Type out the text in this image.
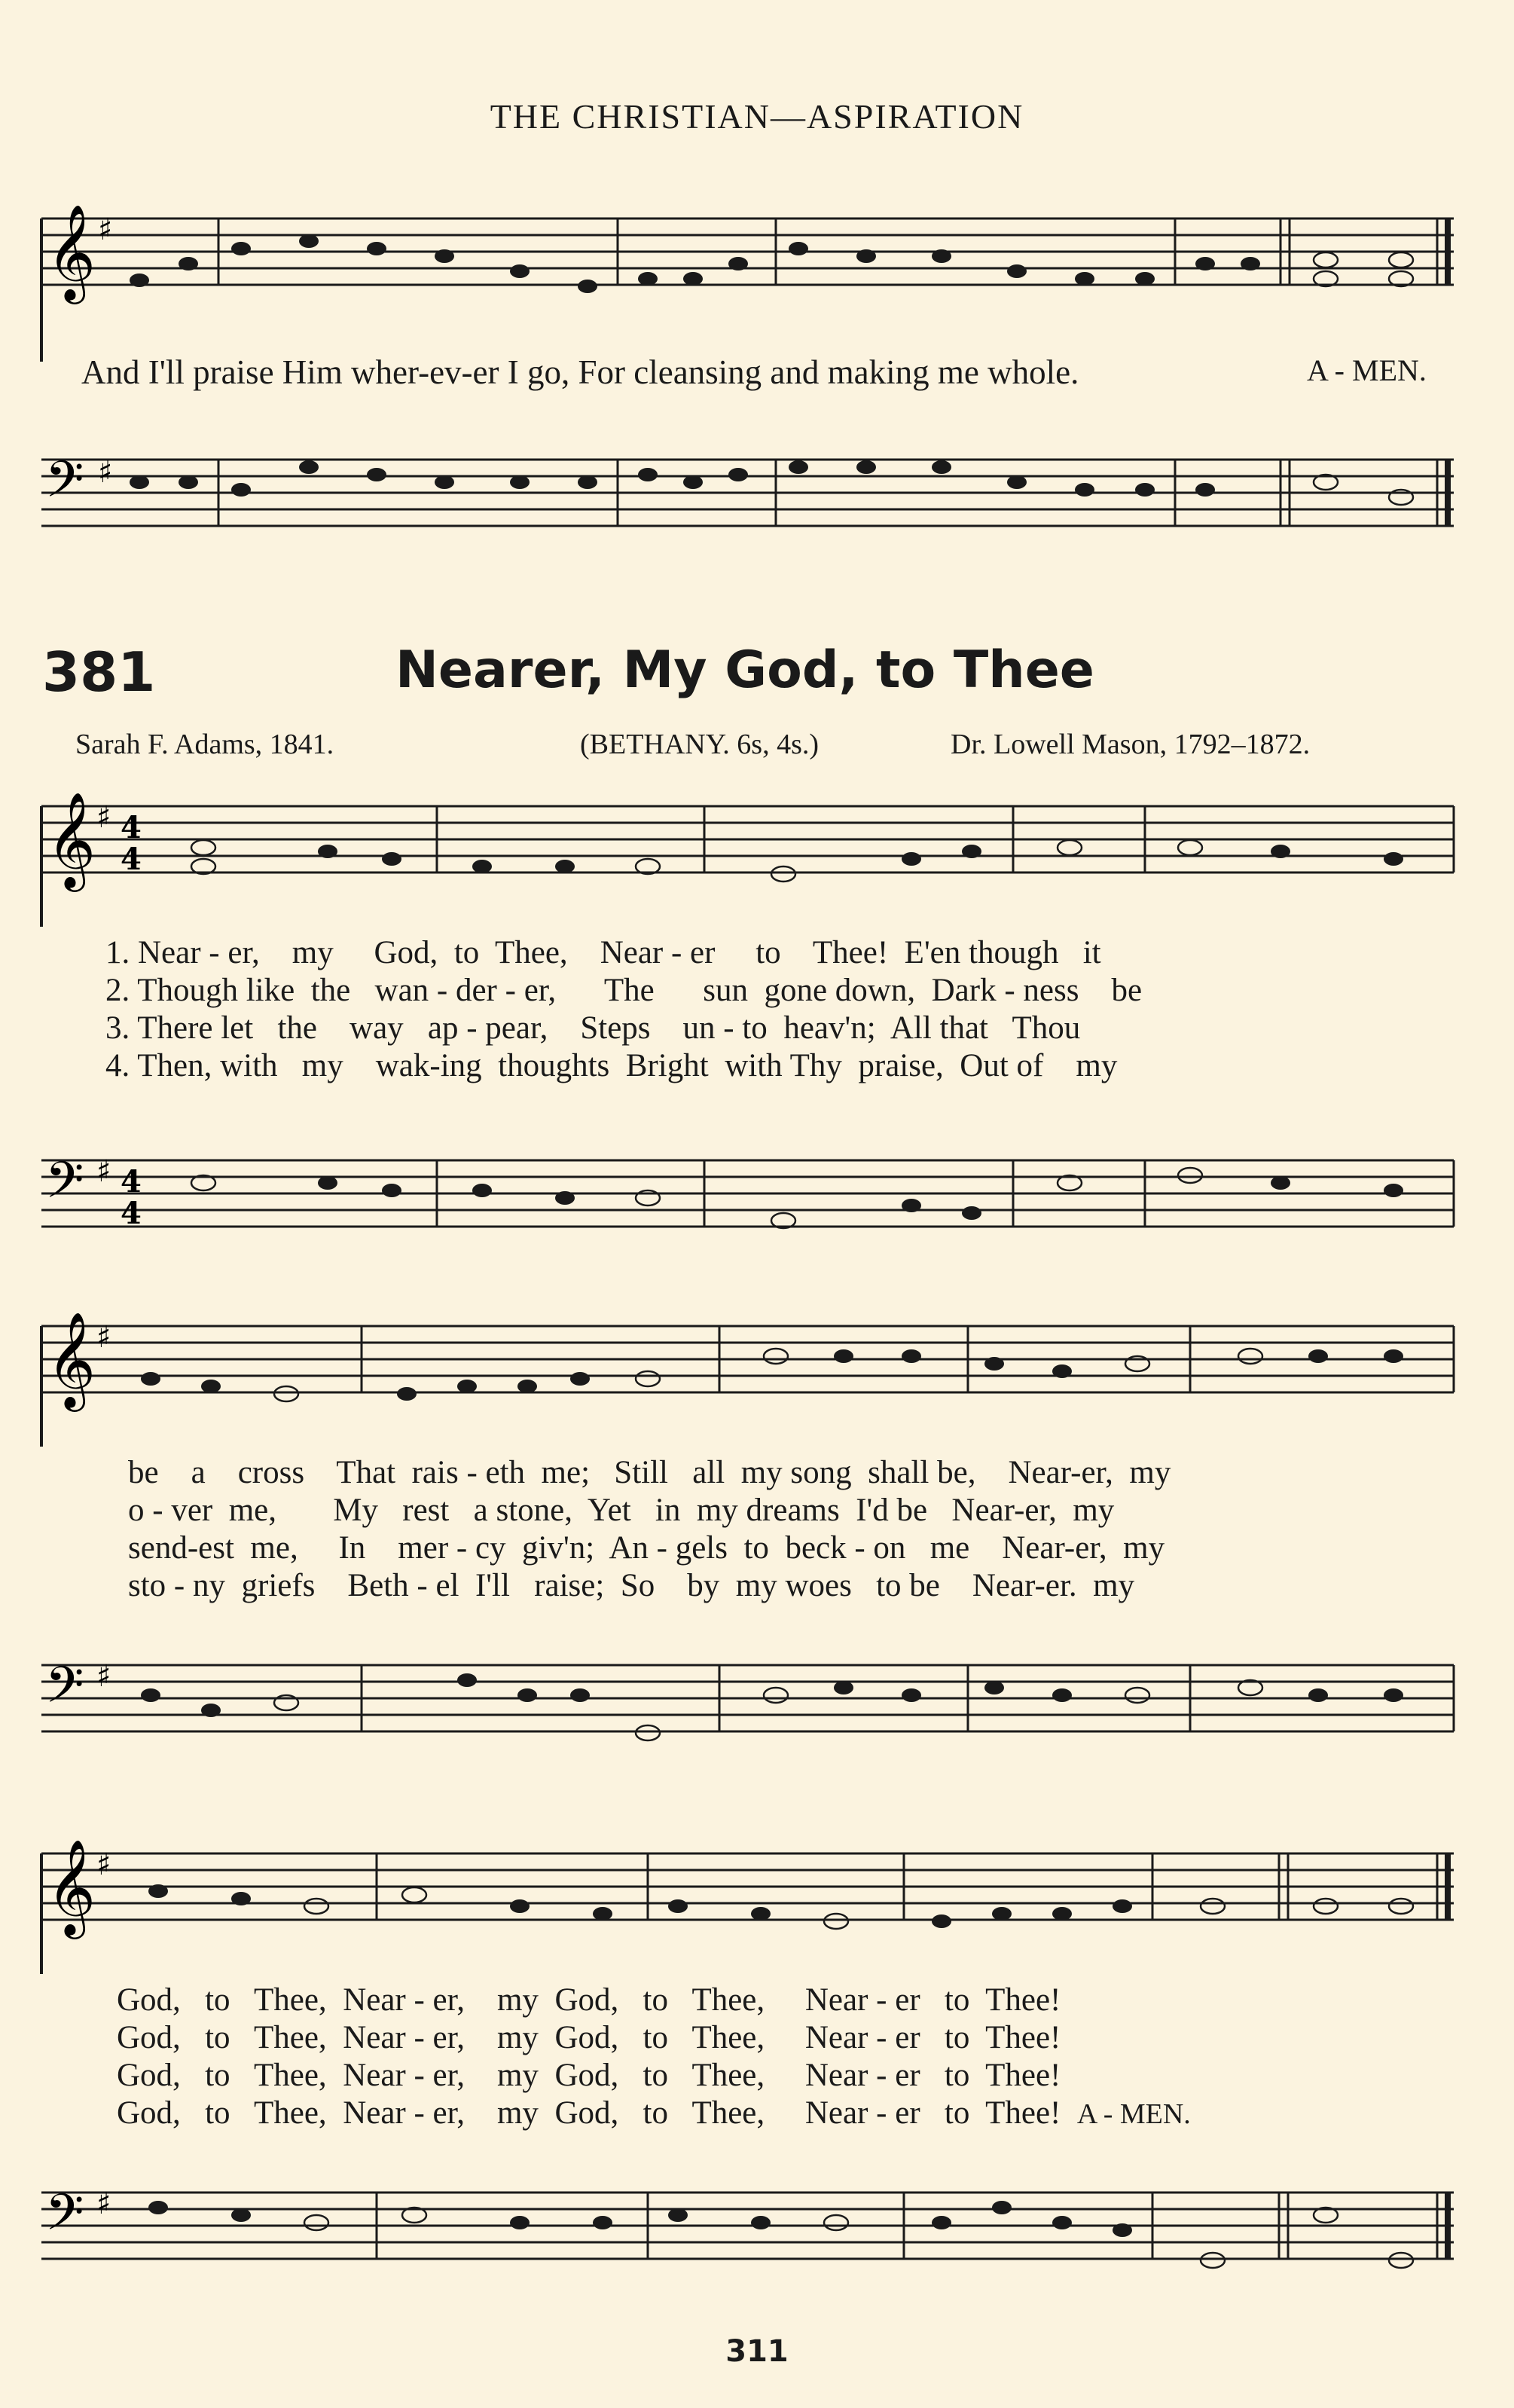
THE CHRISTIAN—ASPIRATION
𝄞 ♯
And I'll praise Him wher-ev-er I go, For cleansing and making me whole.	A - MEN.
𝄢 ♯
381	Nearer, My God, to Thee
Sarah F. Adams, 1841.	(BETHANY. 6s, 4s.)	Dr. Lowell Mason, 1792–1872.
𝄞 ♯ 4
4
1. Near - er, my God, to Thee, Near - er to Thee! E'en though it
2. Though like the wan - der - er, The sun gone down, Dark - ness be
3. There let the way ap - pear, Steps un - to heav'n; All that Thou
4. Then, with my wak-ing thoughts Bright with Thy praise, Out of my
𝄢 ♯ 4
4
𝄞 ♯
be a cross That rais - eth me; Still all my song shall be, Near-er, my
o - ver me, My rest a stone, Yet in my dreams I'd be Near-er, my
send-est me, In mer - cy giv'n; An - gels to beck - on me Near-er, my
sto - ny griefs Beth - el I'll raise; So by my woes to be Near-er. my
𝄢 ♯
𝄞 ♯
God, to Thee, Near - er, my God, to Thee, Near - er to Thee!
God, to Thee, Near - er, my God, to Thee, Near - er to Thee!
God, to Thee, Near - er, my God, to Thee, Near - er to Thee!
God, to Thee, Near - er, my God, to Thee, Near - er to Thee! A - MEN.
𝄢 ♯
311
